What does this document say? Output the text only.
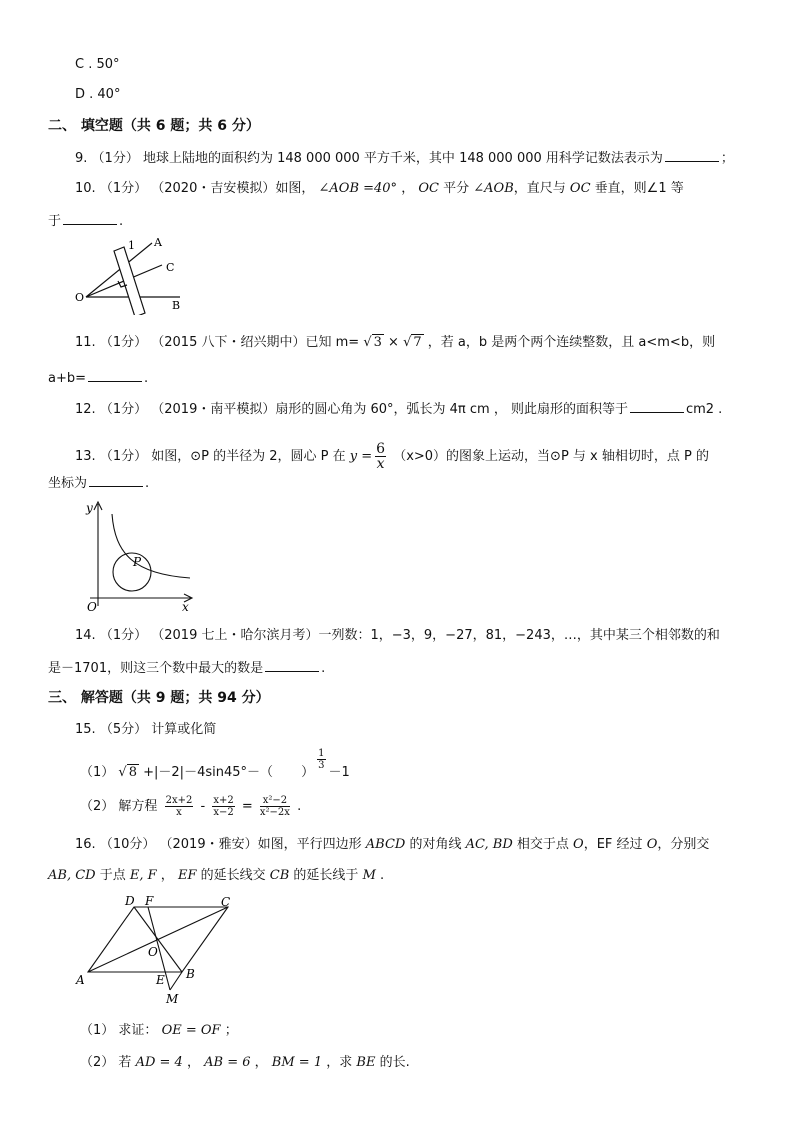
C . 50°
D . 40°
二、 填空题（共 6 题；共 6 分）
9. （1分） 地球上陆地的面积约为 148 000 000 平方千米，其中 148 000 000 用科学记数法表示为	；
10. （1分） （2020・吉安模拟）如图， ∠AOB =40° ， OC 平分 ∠AOB，直尺与 OC 垂直，则∠1 等
于	.
1 A
C
O
B
11. （1分） （2015 八下・绍兴期中）已知 m= √ 3 × √ 7 ，若 a，b 是两个两个连续整数，且 a<m<b，则
a+b=	.
12. （1分） （2019・南平模拟）扇形的圆心角为 60°，弧长为 4π cm ， 则此扇形的面积等于	cm2 .
13. （1分） 如图，⊙P 的半径为 2，圆心 P 在 $y = \frac{6}{x} (x>0)$的图象上运动，当⊙P 与 x 轴相切时，点 P 的
坐标为	.
y
P
O	x
14. （1分） （2019 七上・哈尔滨月考）一列数：1，−3，9，−27，81，−243，…，其中某三个相邻数的和
是－1701，则这三个数中最大的数是	.
三、 解答题（共 9 题；共 94 分）
15. （5分） 计算或化简
（1） √ 8 +|－2|－4sin45°－（ ）
$\frac{1}{3}$
－1
（2） 解方程 $\frac{2x+2}{x} - \frac{x+2}{x-2} = \frac{\text{x²−2}}{\text{x²−2x}}$ .
16. （10分） （2019・雅安）如图，平行四边形 ABCD 的对角线 AC, BD 相交于点 O，EF 经过 O，分别交
AB, CD 于点 E, F ， EF 的延长线交 CB 的延长线于 M .
D F	C
O
A	E B
M
（1） 求证： OE = OF ；
（2） 若 AD = 4 ， AB = 6 ， BM = 1 ，求 BE 的长.
